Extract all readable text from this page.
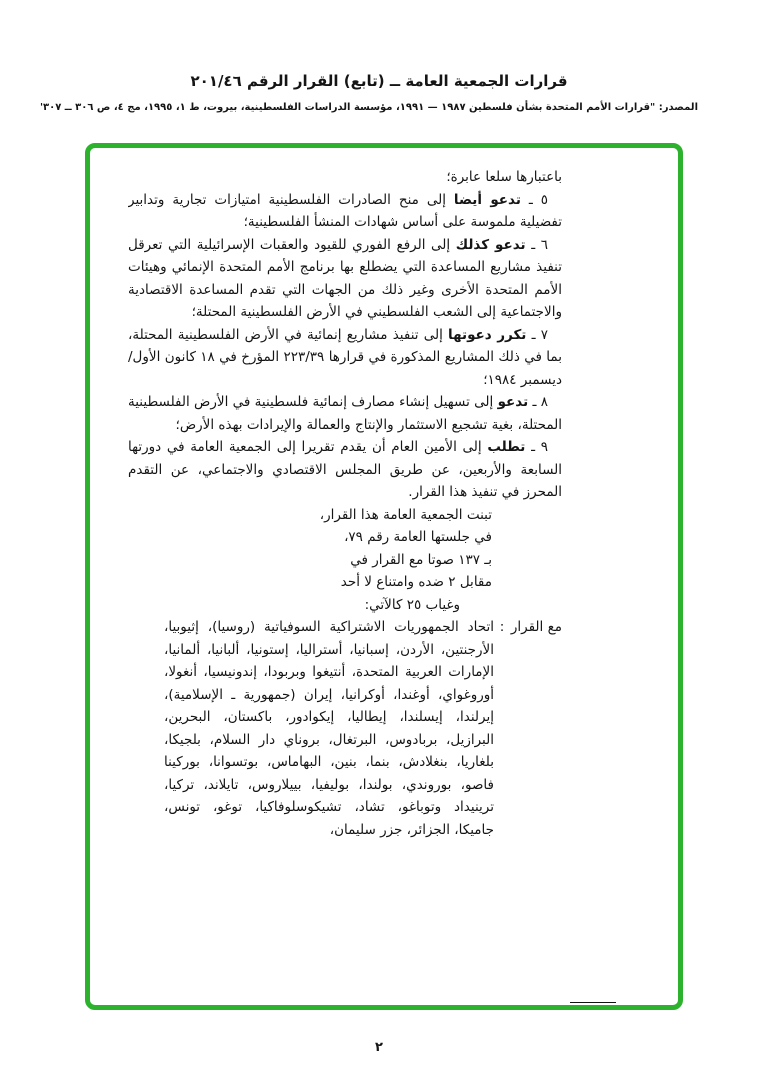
قرارات الجمعية العامة ــ (تابع) القرار الرقم ٢٠١/٤٦
المصدر: "قرارات الأمم المتحدة بشأن فلسطين ١٩٨٧ — ١٩٩١، مؤسسة الدراسات الفلسطينية، بيروت، ط ١، ١٩٩٥، مج ٤، ص ٣٠٦ ــ ٣٠٧'

باعتبارها سلعا عابرة؛

٥ ـ تدعو أيضا إلى منح الصادرات الفلسطينية امتيازات تجارية وتدابير تفضيلية ملموسة على أساس شهادات المنشأ الفلسطينية؛

٦ ـ تدعو كذلك إلى الرفع الفوري للقيود والعقبات الإسرائيلية التي تعرقل تنفيذ مشاريع المساعدة التي يضطلع بها برنامج الأمم المتحدة الإنمائي وهيئات الأمم المتحدة الأخرى وغير ذلك من الجهات التي تقدم المساعدة الاقتصادية والاجتماعية إلى الشعب الفلسطيني في الأرض الفلسطينية المحتلة؛

٧ ـ تكرر دعوتها إلى تنفيذ مشاريع إنمائية في الأرض الفلسطينية المحتلة، بما في ذلك المشاريع المذكورة في قرارها ٢٢٣/٣٩ المؤرخ في ١٨ كانون الأول/ديسمبر ١٩٨٤؛

٨ ـ تدعو إلى تسهيل إنشاء مصارف إنمائية فلسطينية في الأرض الفلسطينية المحتلة، بغية تشجيع الاستثمار والإنتاج والعمالة والإيرادات بهذه الأرض؛

٩ ـ تطلب إلى الأمين العام أن يقدم تقريرا إلى الجمعية العامة في دورتها السابعة والأربعين، عن طريق المجلس الاقتصادي والاجتماعي، عن التقدم المحرز في تنفيذ هذا القرار.

تبنت الجمعية العامة هذا القرار،

في جلستها العامة رقم ٧٩،

بـ ١٣٧ صوتا مع القرار في

مقابل ٢ ضده وامتناع لا أحد

وغياب ٢٥ كالآتي:

مع القرار
:
اتحاد الجمهوريات الاشتراكية السوفياتية (روسيا)، إثيوبيا، الأرجنتين، الأردن، إسبانيا، أستراليا، إستونيا، ألبانيا، ألمانيا، الإمارات العربية المتحدة، أنتيغوا وبربودا، إندونيسيا، أنغولا، أوروغواي، أوغندا، أوكرانيا، إيران (جمهورية ـ الإسلامية)، إيرلندا، إيسلندا، إيطاليا، إيكوادور، باكستان، البحرين، البرازيل، بربادوس، البرتغال، بروناي دار السلام، بلجيكا، بلغاريا، بنغلادش، بنما، بنين، البهاماس، بوتسوانا، بوركينا فاصو، بوروندي، بولندا، بوليفيا، بييلاروس، تايلاند، تركيا، ترينيداد وتوباغو، تشاد، تشيكوسلوفاكيا، توغو، تونس، جاميكا، الجزائر، جزر سليمان،
٢
